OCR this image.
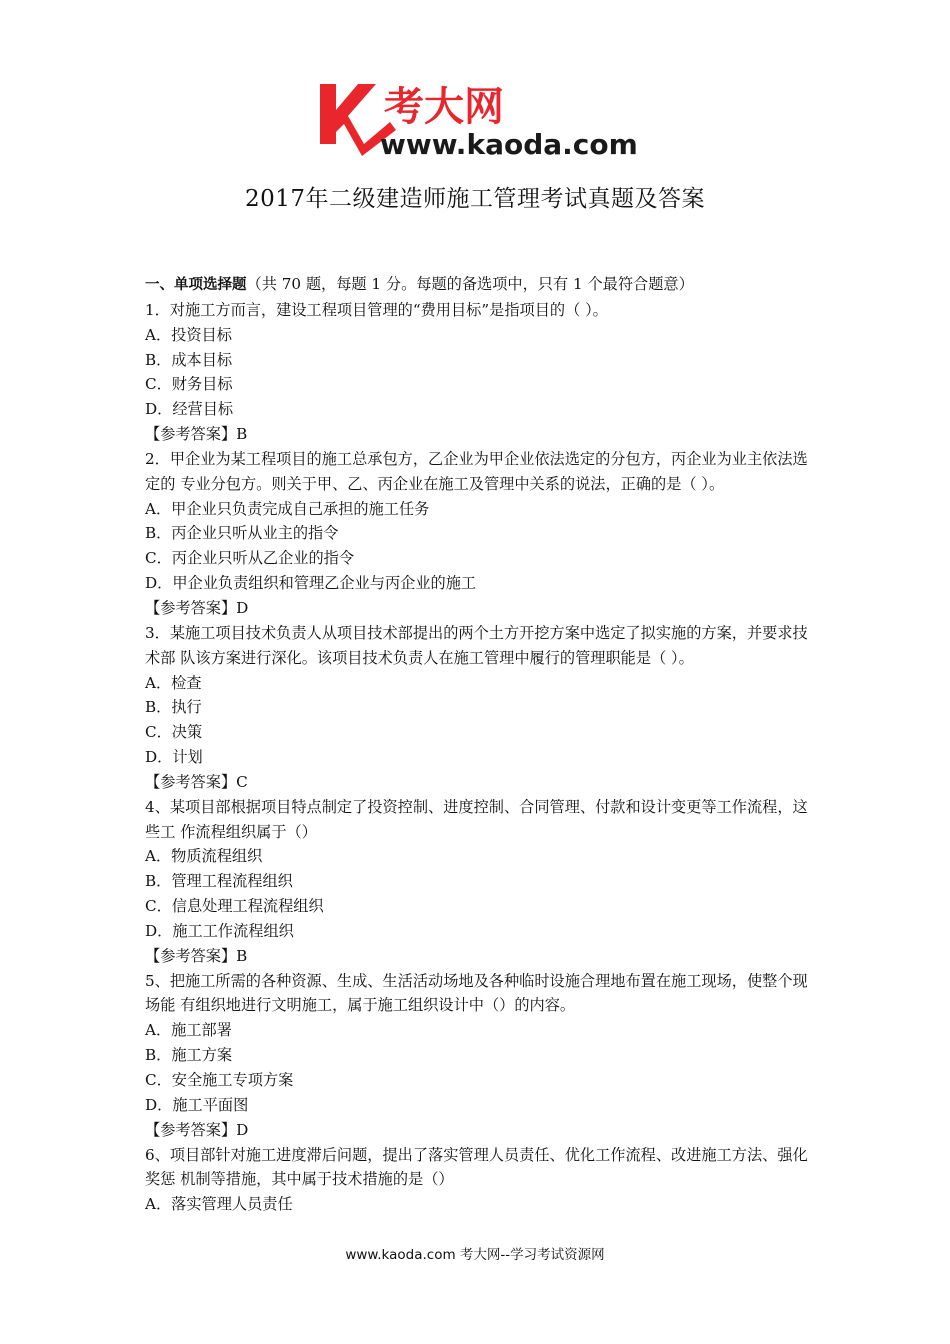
考大网
www.kaoda.com
2017年二级建造师施工管理考试真题及答案

一、单项选择题（共 70 题，每题 1 分。每题的备选项中，只有 1 个最符合题意）

1．对施工方而言，建设工程项目管理的“费用目标”是指项目的（ ）。

A．投资目标

B．成本目标

C．财务目标

D．经营目标

【参考答案】B

2．甲企业为某工程项目的施工总承包方，乙企业为甲企业依法选定的分包方，丙企业为业主依法选定的 专业分包方。则关于甲、乙、丙企业在施工及管理中关系的说法，正确的是（ ）。

A．甲企业只负责完成自己承担的施工任务

B．丙企业只听从业主的指令

C．丙企业只听从乙企业的指令

D．甲企业负责组织和管理乙企业与丙企业的施工

【参考答案】D

3．某施工项目技术负责人从项目技术部提出的两个土方开挖方案中选定了拟实施的方案，并要求技术部 队该方案进行深化。该项目技术负责人在施工管理中履行的管理职能是（ ）。

A．检查

B．执行

C．决策

D．计划

【参考答案】C

4、某项目部根据项目特点制定了投资控制、进度控制、合同管理、付款和设计变更等工作流程，这些工 作流程组织属于（）

A．物质流程组织

B．管理工程流程组织

C．信息处理工程流程组织

D．施工工作流程组织

【参考答案】B

5、把施工所需的各种资源、生成、生活活动场地及各种临时设施合理地布置在施工现场，使整个现场能 有组织地进行文明施工，属于施工组织设计中（）的内容。

A．施工部署

B．施工方案

C．安全施工专项方案

D．施工平面图

【参考答案】D

6、项目部针对施工进度滞后问题，提出了落实管理人员责任、优化工作流程、改进施工方法、强化奖惩 机制等措施，其中属于技术措施的是（）

A．落实管理人员责任

www.kaoda.com 考大网--学习考试资源网
